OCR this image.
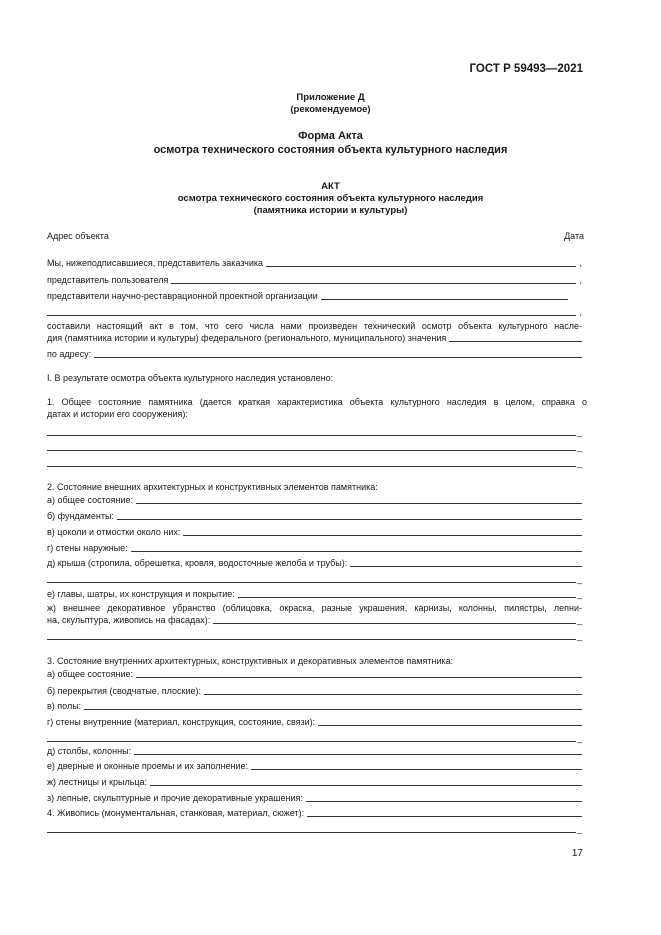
ГОСТ Р 59493—2021
Приложение Д
(рекомендуемое)
Форма Акта
осмотра технического состояния объекта культурного наследия
АКТ
осмотра технического состояния объекта культурного наследия
(памятника истории и культуры)
Адрес объекта	Дата
Мы, нижеподписавшиеся, представитель заказчика	,
представитель пользователя	,
представители научно-реставрационной проектной организации
,
составили настоящий акт в том, что сего числа нами произведен технический осмотр объекта культурного насле-
дия (памятника истории и культуры) федерального (регионального, муниципального) значения
по адресу:
I. В результате осмотра объекта культурного наследия установлено:
1. Общее состояние памятника (дается краткая характеристика объекта культурного наследия в целом, справка о
датах и истории его сооружения):
_
_
_
2. Состояние внешних архитектурных и конструктивных элементов памятника:
а) общее состояние:
б) фундаменты:
в) цоколи и отмостки около них:
г) стены наружные:
д) крыша (стропила, обрешетка, кровля, водосточные желоба и трубы):
_
е) главы, шатры, их конструкция и покрытие:	_
ж) внешнее декоративное убранство (облицовка, окраска, разные украшения, карнизы, колонны, пилястры, лепни-
на, скульптура, живопись на фасадах):	_
_
3. Состояние внутренних архитектурных, конструктивных и декоративных элементов памятника:
а) общее состояние:
б) перекрытия (сводчатые, плоские):
в) полы:
г) стены внутренние (материал, конструкция, состояние, связи):
_
д) столбы, колонны:
е) дверные и оконные проемы и их заполнение:
ж) лестницы и крыльца:
з) лепные, скульптурные и прочие декоративные украшения:
4. Живопись (монументальная, станковая, материал, сюжет):
_
17
